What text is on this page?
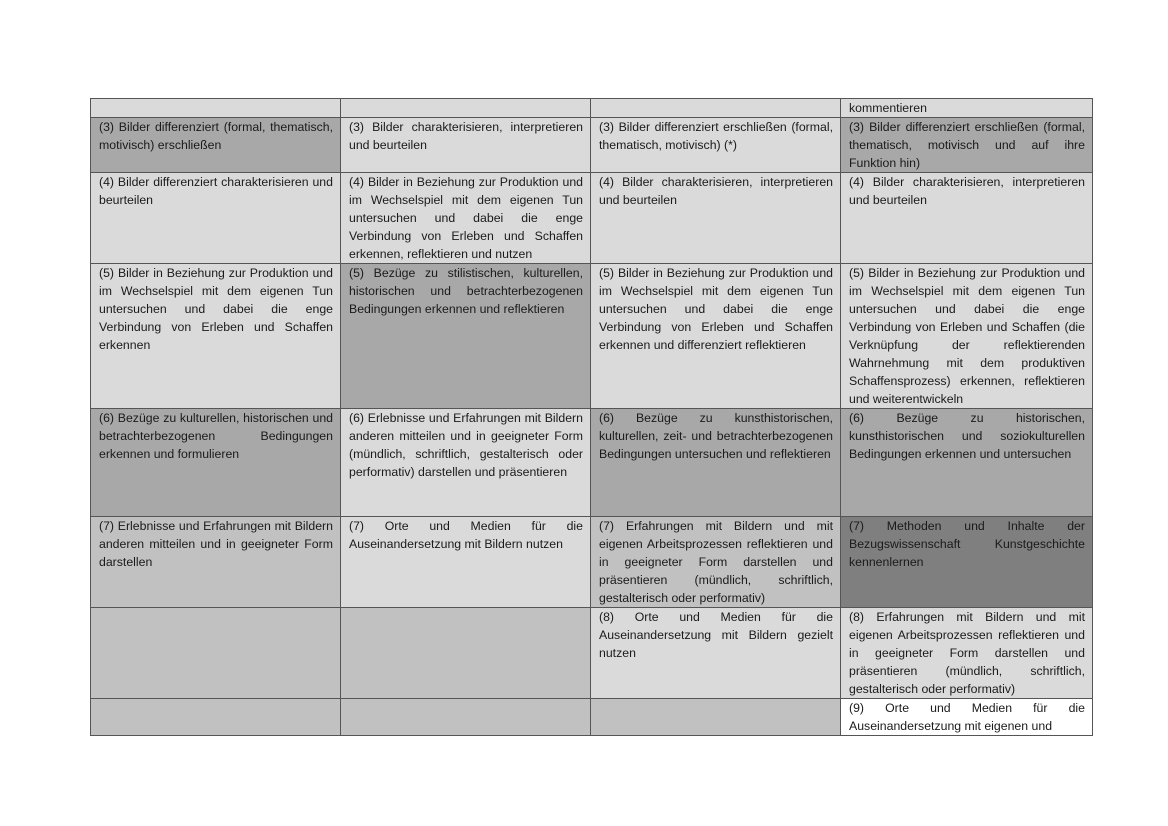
			kommentieren
(3) Bilder differenziert (formal, thematisch, motivisch) erschließen	(3) Bilder charakterisieren, interpretieren und beurteilen	(3) Bilder differenziert erschließen (formal, thematisch, motivisch) (*)	(3) Bilder differenziert erschließen (formal, thematisch, motivisch und auf ihre Funktion hin)
(4) Bilder differenziert charakterisieren und beurteilen	(4) Bilder in Beziehung zur Produktion und im Wechselspiel mit dem eigenen Tun untersuchen und dabei die enge Verbindung von Erleben und Schaffen erkennen, reflektieren und nutzen	(4) Bilder charakterisieren, interpretieren und beurteilen	(4) Bilder charakterisieren, interpretieren und beurteilen
(5) Bilder in Beziehung zur Produktion und im Wechselspiel mit dem eigenen Tun untersuchen und dabei die enge Verbindung von Erleben und Schaffen erkennen	(5) Bezüge zu stilistischen, kulturellen, historischen und betrachterbezogenen Bedingungen erkennen und reflektieren	(5) Bilder in Beziehung zur Produktion und im Wechselspiel mit dem eigenen Tun untersuchen und dabei die enge Verbindung von Erleben und Schaffen erkennen und differenziert reflektieren	(5) Bilder in Beziehung zur Produktion und im Wechselspiel mit dem eigenen Tun untersuchen und dabei die enge Verbindung von Erleben und Schaffen (die Verknüpfung der reflektierenden Wahrnehmung mit dem produktiven Schaffensprozess) erkennen, reflektieren und weiterentwickeln
(6) Bezüge zu kulturellen, historischen und betrachterbezogenen Bedingungen erkennen und formulieren	(6) Erlebnisse und Erfahrungen mit Bildern anderen mitteilen und in geeigneter Form (mündlich, schriftlich, gestalterisch oder performativ) darstellen und präsentieren	(6) Bezüge zu kunsthistorischen, kulturellen, zeit- und betrachterbezogenen Bedingungen untersuchen und reflektieren	(6) Bezüge zu historischen, kunsthistorischen und soziokulturellen Bedingungen erkennen und untersuchen
(7) Erlebnisse und Erfahrungen mit Bildern anderen mitteilen und in geeigneter Form darstellen	(7) Orte und Medien für die Auseinandersetzung mit Bildern nutzen	(7) Erfahrungen mit Bildern und mit eigenen Arbeitsprozessen reflektieren und in geeigneter Form darstellen und präsentieren (mündlich, schriftlich, gestalterisch oder performativ)	(7) Methoden und Inhalte der Bezugswissenschaft Kunstgeschichte kennenlernen
		(8) Orte und Medien für die Auseinandersetzung mit Bildern gezielt nutzen	(8) Erfahrungen mit Bildern und mit eigenen Arbeitsprozessen reflektieren und in geeigneter Form darstellen und präsentieren (mündlich, schriftlich, gestalterisch oder performativ)
			(9) Orte und Medien für die Auseinandersetzung mit eigenen und
